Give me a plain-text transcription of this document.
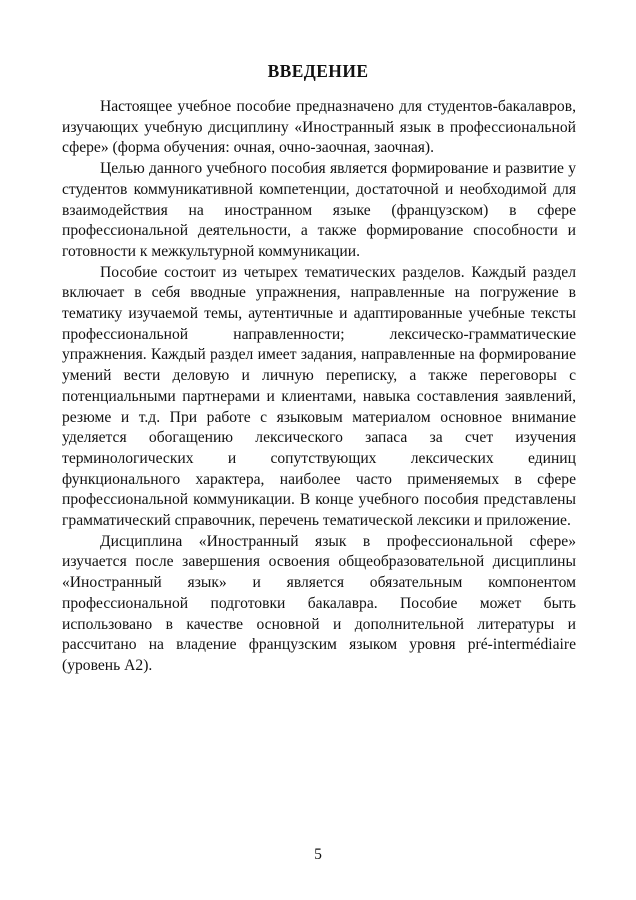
ВВЕДЕНИЕ

Настоящее учебное пособие предназначено для студентов-бакалавров, изучающих учебную дисциплину «Иностранный язык в профессиональной сфере» (форма обучения: очная, очно-заочная, заочная).

Целью данного учебного пособия является формирование и развитие у студентов коммуникативной компетенции, достаточной и необходимой для взаимодействия на иностранном языке (французском) в сфере профессиональной деятельности, а также формирование способности и готовности к межкультурной коммуникации.

Пособие состоит из четырех тематических разделов. Каждый раздел включает в себя вводные упражнения, направленные на погружение в тематику изучаемой темы, аутентичные и адаптированные учебные тексты профессиональной направленности; лексическо-грамматические упражнения. Каждый раздел имеет задания, направленные на формирование умений вести деловую и личную переписку, а также переговоры с потенциальными партнерами и клиентами, навыка составления заявлений, резюме и т.д. При работе с языковым материалом основное внимание уделяется обогащению лексического запаса за счет изучения терминологических и сопутствующих лексических единиц функционального характера, наиболее часто применяемых в сфере профессиональной коммуникации. В конце учебного пособия представлены грамматический справочник, перечень тематической лексики и приложение.

Дисциплина «Иностранный язык в профессиональной сфере» изучается после завершения освоения общеобразовательной дисциплины «Иностранный язык» и является обязательным компонентом профессиональной подготовки бакалавра. Пособие может быть использовано в качестве основной и дополнительной литературы и рассчитано на владение французским языком уровня pré-intermédiaire (уровень А2).

5
